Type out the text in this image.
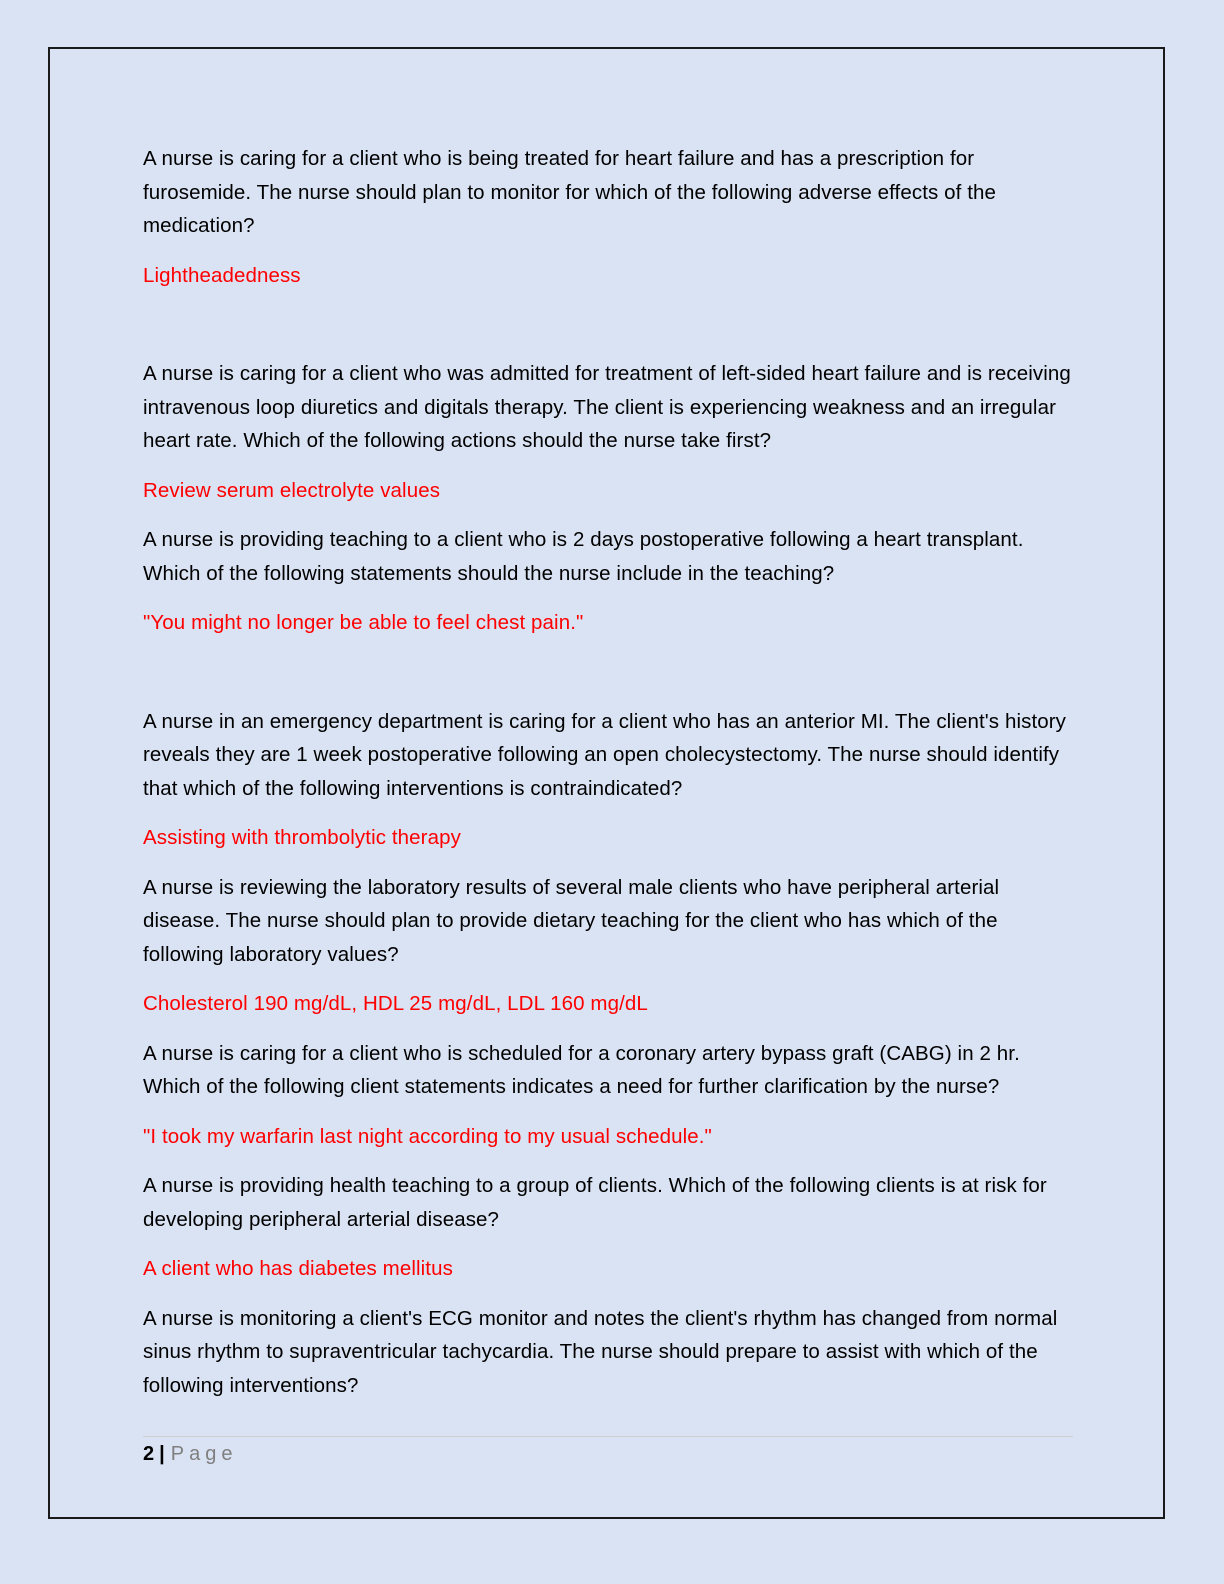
A nurse is caring for a client who is being treated for heart failure and has a prescription for furosemide. The nurse should plan to monitor for which of the following adverse effects of the medication?

Lightheadedness

A nurse is caring for a client who was admitted for treatment of left-sided heart failure and is receiving intravenous loop diuretics and digitals therapy. The client is experiencing weakness and an irregular heart rate. Which of the following actions should the nurse take first?

Review serum electrolyte values

A nurse is providing teaching to a client who is 2 days postoperative following a heart transplant. Which of the following statements should the nurse include in the teaching?

"You might no longer be able to feel chest pain."

A nurse in an emergency department is caring for a client who has an anterior MI. The client's history reveals they are 1 week postoperative following an open cholecystectomy. The nurse should identify that which of the following interventions is contraindicated?

Assisting with thrombolytic therapy

A nurse is reviewing the laboratory results of several male clients who have peripheral arterial disease. The nurse should plan to provide dietary teaching for the client who has which of the following laboratory values?

Cholesterol 190 mg/dL, HDL 25 mg/dL, LDL 160 mg/dL

A nurse is caring for a client who is scheduled for a coronary artery bypass graft (CABG) in 2 hr. Which of the following client statements indicates a need for further clarification by the nurse?

"I took my warfarin last night according to my usual schedule."

A nurse is providing health teaching to a group of clients. Which of the following clients is at risk for developing peripheral arterial disease?

A client who has diabetes mellitus

A nurse is monitoring a client's ECG monitor and notes the client's rhythm has changed from normal sinus rhythm to supraventricular tachycardia. The nurse should prepare to assist with which of the following interventions?

2 | Page
